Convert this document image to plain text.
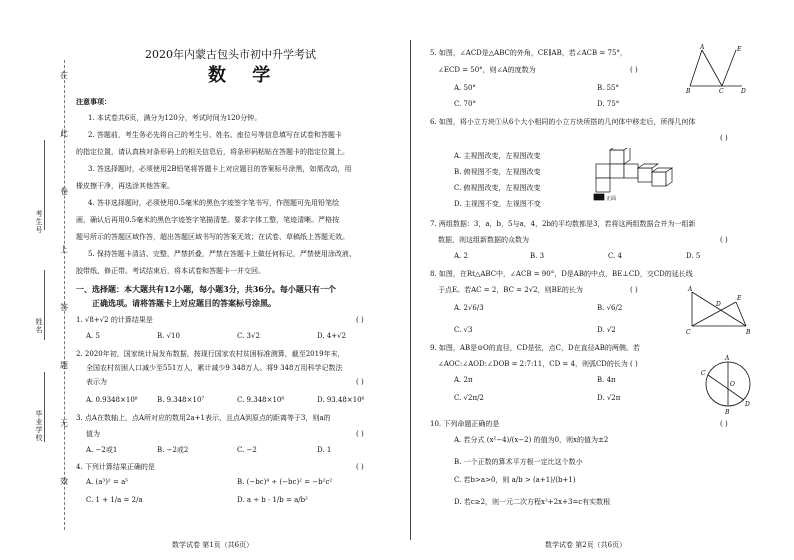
在
此
卷
上
答
题
无
效
考生号
姓名
毕业学校
2020年内蒙古包头市初中升学考试
数 学
注意事项：
1. 本试卷共6页，满分为120分，考试时间为120分钟。
2. 答题前，考生务必先将自己的考生号、姓名、座位号等信息填写在试卷和答题卡
的指定位置，请认真核对条形码上的相关信息后，将条形码粘贴在答题卡的指定位置上。
3. 答选择题时，必须使用2B铅笔将答题卡上对应题目的答案标号涂黑，如需改动，用
橡皮擦干净，再选涂其他答案。
4. 答非选择题时，必须使用0.5毫米的黑色字迹签字笔书写，作图题可先用铅笔绘
画，确认后再用0.5毫米的黑色字迹签字笔描清楚。要求字体工整，笔迹清晰。严格按
题号所示的答题区域作答，超出答题区域书写的答案无效；在试卷、草稿纸上答题无效。
5. 保持答题卡清洁、完整，严禁折叠，严禁在答题卡上做任何标记，严禁使用涂改液、
胶带纸、修正带。考试结束后，将本试卷和答题卡一并交回。
一、选择题：本大题共有12小题，每小题3分，共36分。每小题只有一个
正确选项。请将答题卡上对应题目的答案标号涂黑。
1. √8+√2 的计算结果是	( )
A. 5	B. √10	C. 3√2	D. 4+√2
2. 2020年初，国家统计局发布数据，按现行国家农村贫困标准测算，截至2019年末，
全国农村贫困人口减少至551万人，累计减少9 348万人。将9 348万用科学记数法
表示为	( )
A. 0.9348×10⁸	B. 9.348×10⁷	C. 9.348×10⁸	D. 93.48×10⁶
3. 点A在数轴上，点A所对应的数用2a+1表示，且点A到原点的距离等于3，则a的
值为	( )
A. −2或1	B. −2或2	C. −2	D. 1
4. 下列计算结果正确的是	( )
A. (a³)² = a⁵	B. (−bc)⁴ ÷ (−bc)² = −b²c²
C. 1 + 1/a = 2/a	D. a ÷ b · 1/b = a/b²
数学试卷 第1页（共6页）
5. 如图，∠ACD是△ABC的外角，CE∥AB，若∠ACB = 75°，
∠ECD = 50°，则∠A的度数为	( )
A. 50°	B. 55°
C. 70°	D. 75°
A	E
B	C	D
6. 如图，将小立方块①从6个大小相同的小立方块所搭的几何体中移走后，所得几何体
( )
A. 主视图改变，左视图改变
B. 俯视图不变，左视图改变
C. 俯视图改变，左视图改变
D. 主视图不变，左视图不变
正面
7. 两组数据：3，a，b，5与a，4，2b的平均数都是3，若将这两组数据合并为一组新
数据，则这组新数据的众数为	( )
A. 2	B. 3	C. 4	D. 5
8. 如图，在Rt△ABC中，∠ACB = 90°，D是AB的中点，BE⊥CD，交CD的延长线
于点E。若AC = 2，BC = 2√2，则BE的长为	( )
A. 2√6/3	B. √6/2
C. √3	D. √2
A
D
E
C	B
9. 如图，AB是⊙O的直径，CD是弦，点C，D在直径AB的两侧。若
∠AOC:∠AOD:∠DOB = 2:7:11，CD = 4，则弧CD的长为 ( )
A. 2π	B. 4π
C. √2π/2	D. √2π
A
C
O
D
B
10. 下列命题正确的是	( )
A. 若分式 (x²−4)/(x−2) 的值为0，则x的值为±2
B. 一个正数的算术平方根一定比这个数小
C. 若b>a>0，则 a/b > (a+1)/(b+1)
D. 若c≥2，则一元二次方程x²+2x+3=c有实数根
数学试卷 第2页（共6页）
